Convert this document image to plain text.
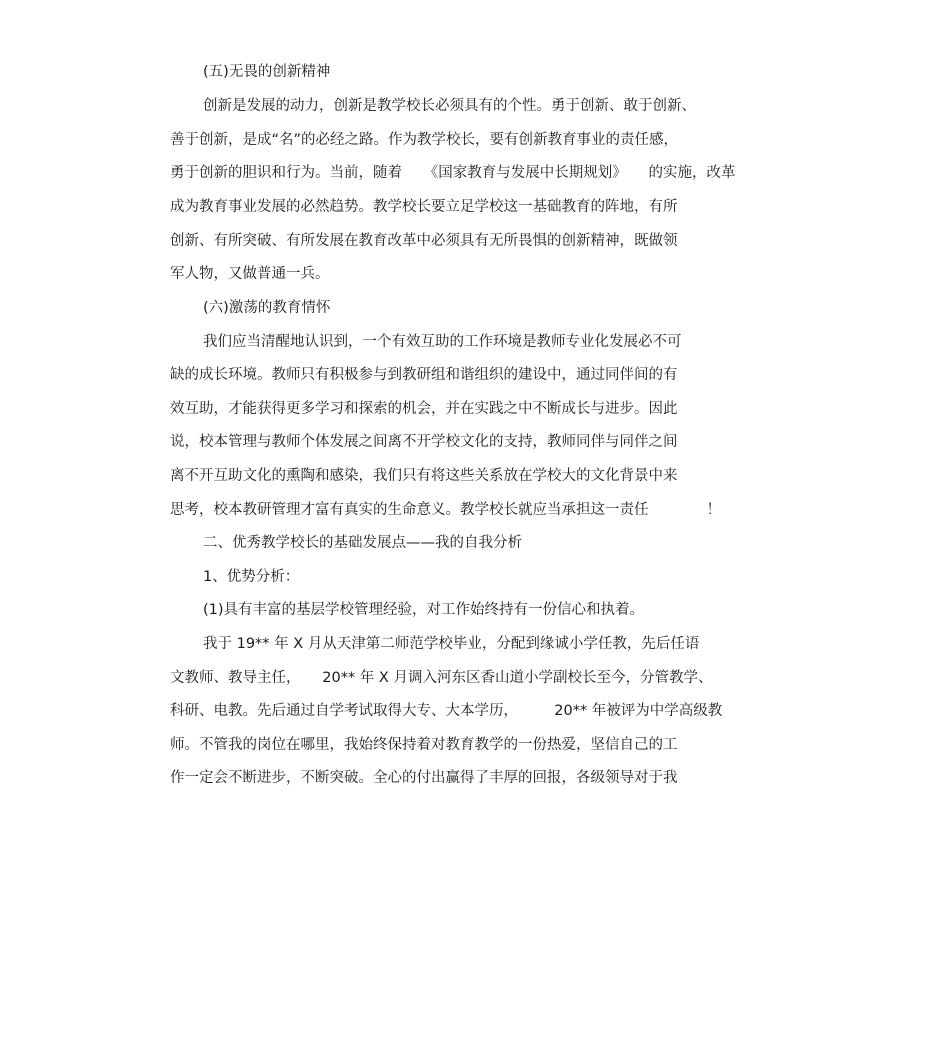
(五)无畏的创新精神
创新是发展的动力，创新是教学校长必须具有的个性。勇于创新、敢于创新、
善于创新，是成“名”的必经之路。作为教学校长，要有创新教育事业的责任感，
勇于创新的胆识和行为。当前，随着　　《国家教育与发展中长期规划》　　的实施，改革
成为教育事业发展的必然趋势。教学校长要立足学校这一基础教育的阵地，有所
创新、有所突破、有所发展在教育改革中必须具有无所畏惧的创新精神，既做领
军人物，又做普通一兵。
(六)激荡的教育情怀
我们应当清醒地认识到，一个有效互助的工作环境是教师专业化发展必不可
缺的成长环境。教师只有积极参与到教研组和谐组织的建设中，通过同伴间的有
效互助，才能获得更多学习和探索的机会，并在实践之中不断成长与进步。因此
说，校本管理与教师个体发展之间离不开学校文化的支持，教师同伴与同伴之间
离不开互助文化的熏陶和感染，我们只有将这些关系放在学校大的文化背景中来
思考，校本教研管理才富有真实的生命意义。教学校长就应当承担这一责任　　　　！
二、优秀教学校长的基础发展点——我的自我分析
1、优势分析：
(1)具有丰富的基层学校管理经验，对工作始终持有一份信心和执着。
我于 19** 年 X 月从天津第二师范学校毕业，分配到缘诚小学任教，先后任语
文教师、教导主任，　　20** 年 X 月调入河东区香山道小学副校长至今，分管教学、
科研、电教。先后通过自学考试取得大专、大本学历，　　　20** 年被评为中学高级教
师。不管我的岗位在哪里，我始终保持着对教育教学的一份热爱，坚信自己的工
作一定会不断进步，不断突破。全心的付出赢得了丰厚的回报，各级领导对于我
